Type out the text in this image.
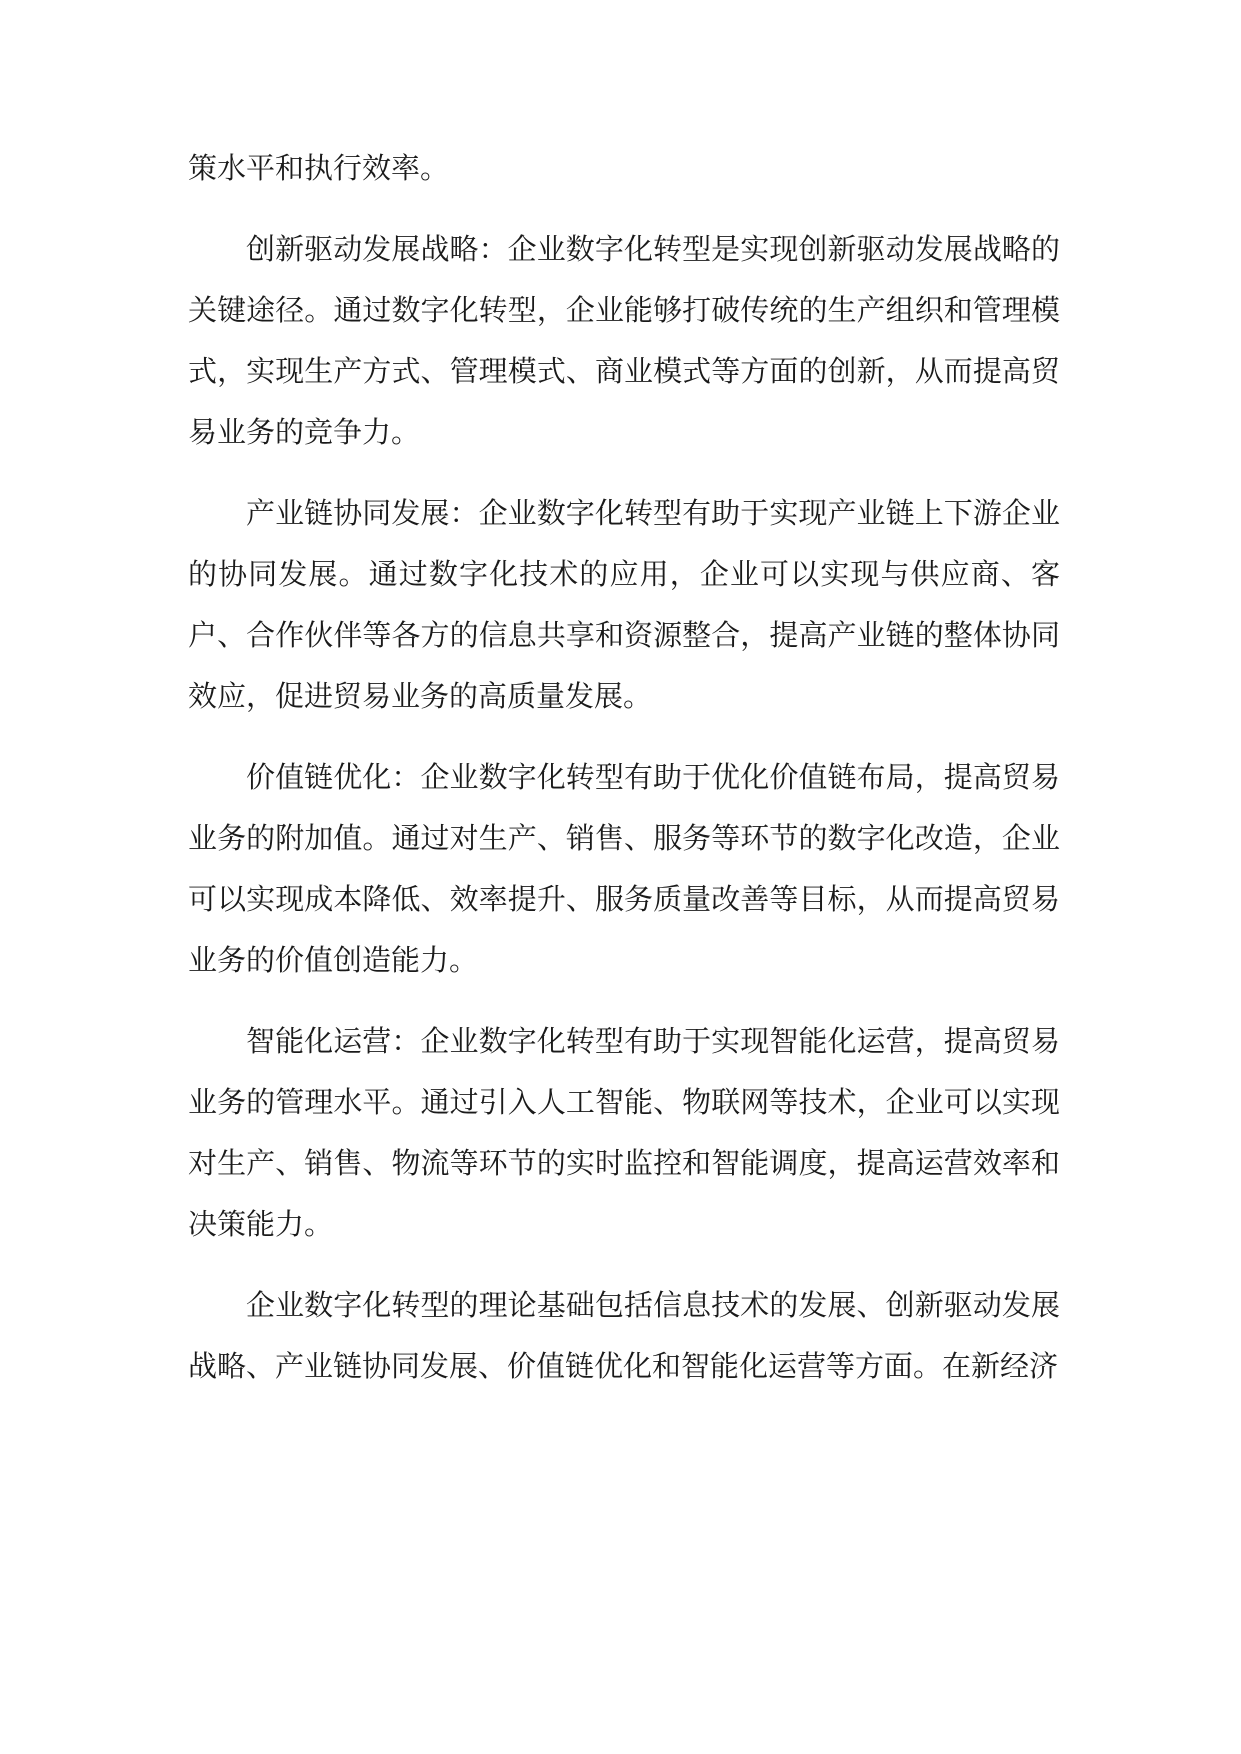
策水平和执行效率。

创新驱动发展战略：企业数字化转型是实现创新驱动发展战略的关键途径。通过数字化转型，企业能够打破传统的生产组织和管理模式，实现生产方式、管理模式、商业模式等方面的创新，从而提高贸易业务的竞争力。

产业链协同发展：企业数字化转型有助于实现产业链上下游企业的协同发展。通过数字化技术的应用，企业可以实现与供应商、客户、合作伙伴等各方的信息共享和资源整合，提高产业链的整体协同效应，促进贸易业务的高质量发展。

价值链优化：企业数字化转型有助于优化价值链布局，提高贸易业务的附加值。通过对生产、销售、服务等环节的数字化改造，企业可以实现成本降低、效率提升、服务质量改善等目标，从而提高贸易业务的价值创造能力。

智能化运营：企业数字化转型有助于实现智能化运营，提高贸易业务的管理水平。通过引入人工智能、物联网等技术，企业可以实现对生产、销售、物流等环节的实时监控和智能调度，提高运营效率和决策能力。

企业数字化转型的理论基础包括信息技术的发展、创新驱动发展战略、产业链协同发展、价值链优化和智能化运营等方面。在新经济
